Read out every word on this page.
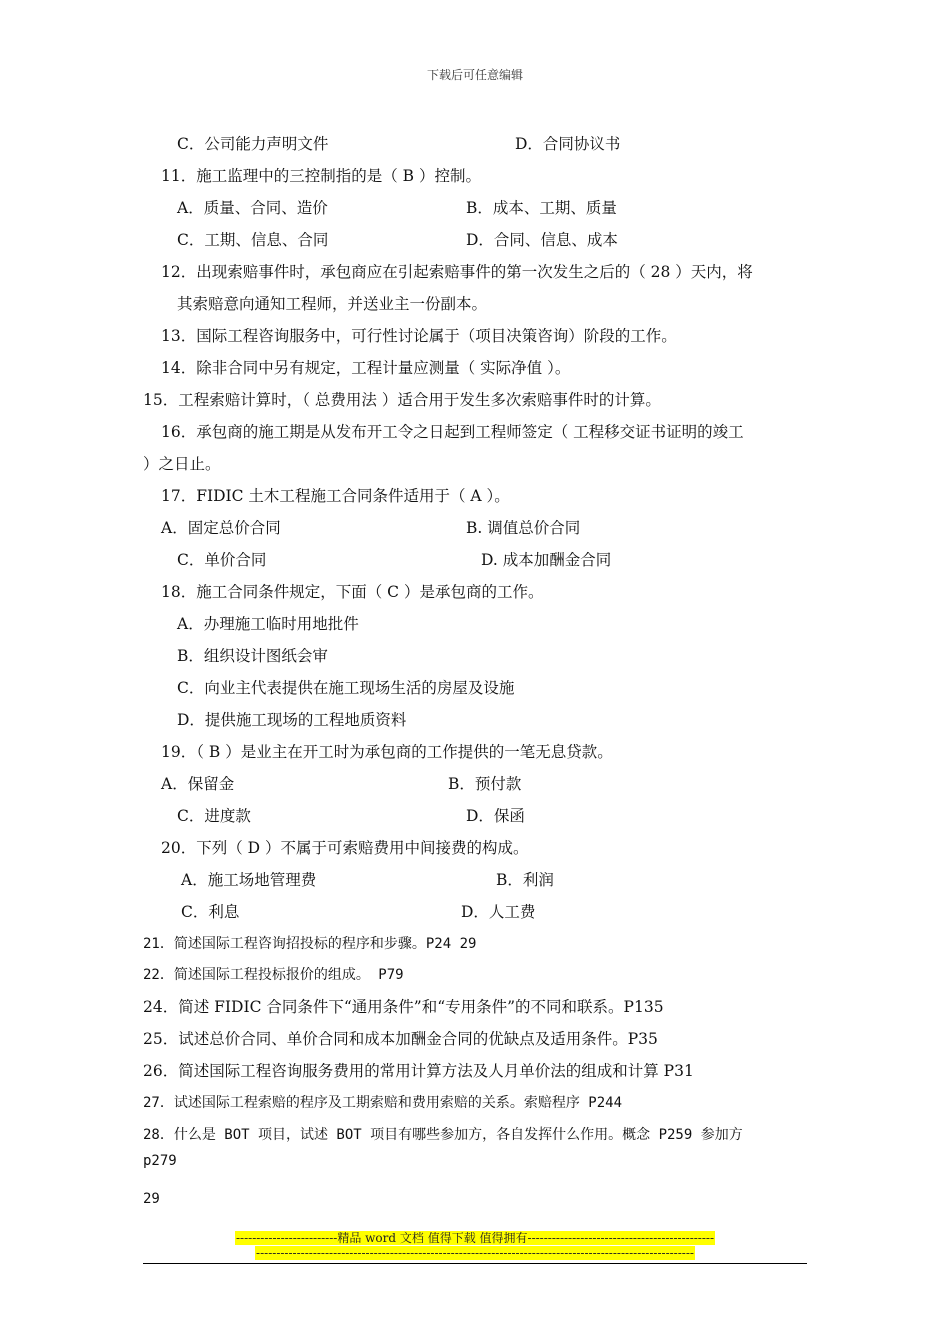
下载后可任意编辑
C．公司能力声明文件	D．合同协议书
11．施工监理中的三控制指的是（ B ）控制。
A．质量、合同、造价	B．成本、工期、质量
C．工期、信息、合同	D．合同、信息、成本
12．出现索赔事件时，承包商应在引起索赔事件的第一次发生之后的（ 28 ）天内，将
其索赔意向通知工程师，并送业主一份副本。
13．国际工程咨询服务中，可行性讨论属于（项目决策咨询）阶段的工作。
14．除非合同中另有规定，工程计量应测量（ 实际净值 ）。
15．工程索赔计算时，（ 总费用法 ）适合用于发生多次索赔事件时的计算。
16．承包商的施工期是从发布开工令之日起到工程师签定（ 工程移交证书证明的竣工
）之日止。
17．FIDIC 土木工程施工合同条件适用于（ A ）。
A．固定总价合同	B. 调值总价合同
C．单价合同	D. 成本加酬金合同
18．施工合同条件规定，下面（ C ）是承包商的工作。
A．办理施工临时用地批件
B．组织设计图纸会审
C．向业主代表提供在施工现场生活的房屋及设施
D．提供施工现场的工程地质资料
19．（ B ）是业主在开工时为承包商的工作提供的一笔无息贷款。
A．保留金	B．预付款
C．进度款	D．保函
20．下列（ D ）不属于可索赔费用中间接费的构成。
A．施工场地管理费	B．利润
C．利息	D．人工费
21．简述国际工程咨询招投标的程序和步骤。P24 29
22．简述国际工程投标报价的组成。 P79
24．简述 FIDIC 合同条件下“通用条件”和“专用条件”的不同和联系。P135
25．试述总价合同、单价合同和成本加酬金合同的优缺点及适用条件。P35
26．简述国际工程咨询服务费用的常用计算方法及人月单价法的组成和计算 P31
27．试述国际工程索赔的程序及工期索赔和费用索赔的关系。索赔程序 P244
28．什么是 BOT 项目，试述 BOT 项目有哪些参加方，各自发挥什么作用。概念 P259 参加方
p279
29
-------------------------精品 word 文档 值得下载 值得拥有----------------------------------------------
------------------------------------------------------------------------------------------------------------
